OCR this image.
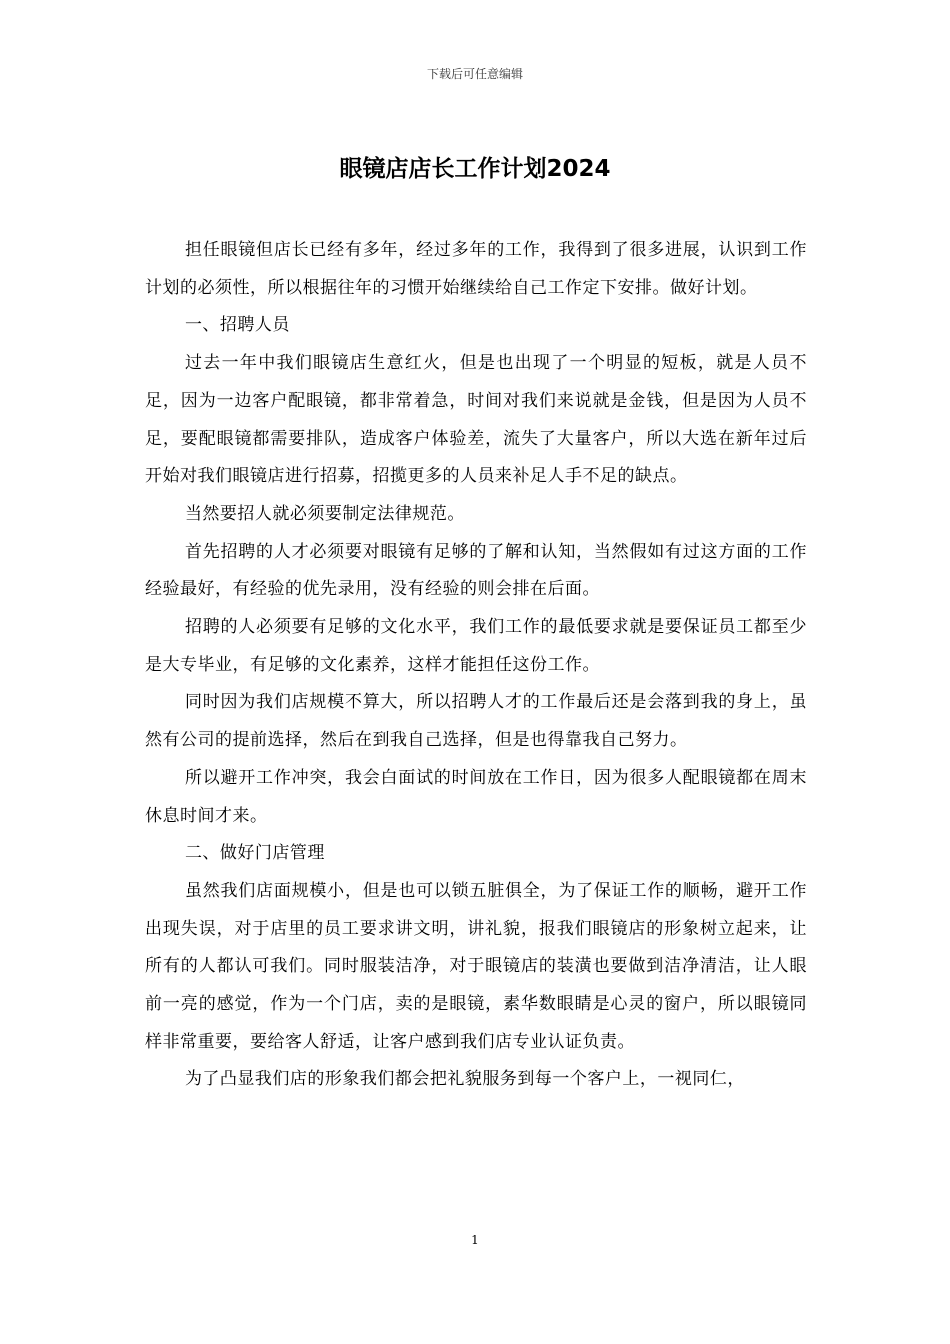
下载后可任意编辑
眼镜店店长工作计划2024

担任眼镜但店长已经有多年，经过多年的工作，我得到了很多进展，认识到工作计划的必须性，所以根据往年的习惯开始继续给自己工作定下安排。做好计划。

一、招聘人员

过去一年中我们眼镜店生意红火，但是也出现了一个明显的短板，就是人员不足，因为一边客户配眼镜，都非常着急，时间对我们来说就是金钱，但是因为人员不足，要配眼镜都需要排队，造成客户体验差，流失了大量客户，所以大选在新年过后开始对我们眼镜店进行招募，招揽更多的人员来补足人手不足的缺点。

当然要招人就必须要制定法律规范。

首先招聘的人才必须要对眼镜有足够的了解和认知，当然假如有过这方面的工作经验最好，有经验的优先录用，没有经验的则会排在后面。

招聘的人必须要有足够的文化水平，我们工作的最低要求就是要保证员工都至少是大专毕业，有足够的文化素养，这样才能担任这份工作。

同时因为我们店规模不算大，所以招聘人才的工作最后还是会落到我的身上，虽然有公司的提前选择，然后在到我自己选择，但是也得靠我自己努力。

所以避开工作冲突，我会白面试的时间放在工作日，因为很多人配眼镜都在周末休息时间才来。

二、做好门店管理

虽然我们店面规模小，但是也可以锁五脏俱全，为了保证工作的顺畅，避开工作出现失误，对于店里的员工要求讲文明，讲礼貌，报我们眼镜店的形象树立起来，让所有的人都认可我们。同时服装洁净，对于眼镜店的装潢也要做到洁净清洁，让人眼前一亮的感觉，作为一个门店，卖的是眼镜，素华数眼睛是心灵的窗户，所以眼镜同样非常重要，要给客人舒适，让客户感到我们店专业认证负责。

为了凸显我们店的形象我们都会把礼貌服务到每一个客户上，一视同仁，

1
